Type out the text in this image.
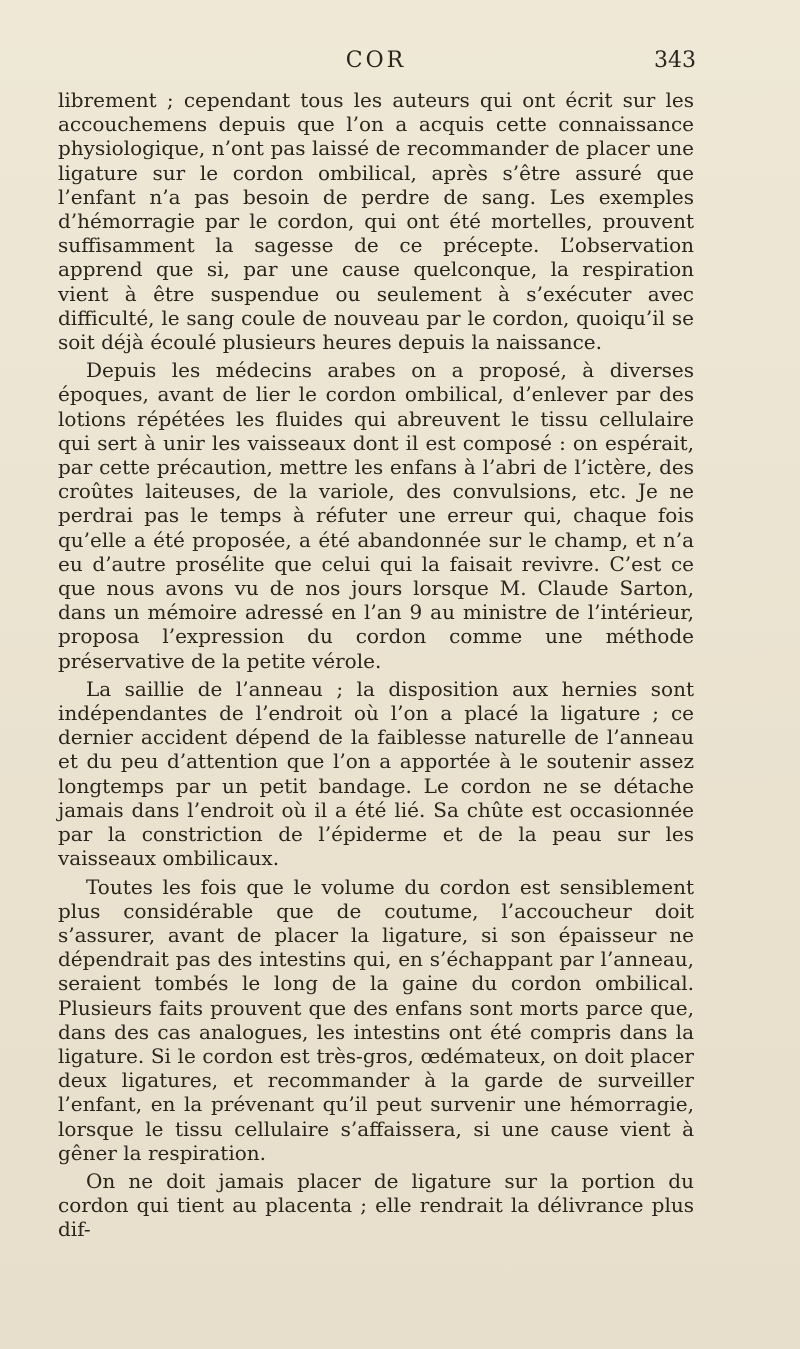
COR	343

librement ; cependant tous les auteurs qui ont écrit sur les accouchemens depuis que l’on a acquis cette connaissance physiologique, n’ont pas laissé de recommander de placer une ligature sur le cordon ombilical, après s’être assuré que l’enfant n’a pas besoin de perdre de sang. Les exemples d’hémorragie par le cordon, qui ont été mortelles, prouvent suffisamment la sagesse de ce précepte. L’observation apprend que si, par une cause quelconque, la respiration vient à être suspendue ou seulement à s’exécuter avec difficulté, le sang coule de nouveau par le cordon, quoiqu’il se soit déjà écoulé plusieurs heures depuis la naissance.

Depuis les médecins arabes on a proposé, à diverses époques, avant de lier le cordon ombilical, d’enlever par des lotions répétées les fluides qui abreuvent le tissu cellulaire qui sert à unir les vaisseaux dont il est composé : on espérait, par cette précaution, mettre les enfans à l’abri de l’ictère, des croûtes laiteuses, de la variole, des convulsions, etc. Je ne perdrai pas le temps à réfuter une erreur qui, chaque fois qu’elle a été proposée, a été abandonnée sur le champ, et n’a eu d’autre prosélite que celui qui la faisait revivre. C’est ce que nous avons vu de nos jours lorsque M. Claude Sarton, dans un mémoire adressé en l’an 9 au ministre de l’intérieur, proposa l’expression du cordon comme une méthode préservative de la petite vérole.

La saillie de l’anneau ; la disposition aux hernies sont indépendantes de l’endroit où l’on a placé la ligature ; ce dernier accident dépend de la faiblesse naturelle de l’anneau et du peu d’attention que l’on a apportée à le soutenir assez longtemps par un petit bandage. Le cordon ne se détache jamais dans l’endroit où il a été lié. Sa chûte est occasionnée par la constriction de l’épiderme et de la peau sur les vaisseaux ombilicaux.

Toutes les fois que le volume du cordon est sensiblement plus considérable que de coutume, l’accoucheur doit s’assurer, avant de placer la ligature, si son épaisseur ne dépendrait pas des intestins qui, en s’échappant par l’anneau, seraient tombés le long de la gaine du cordon ombilical. Plusieurs faits prouvent que des enfans sont morts parce que, dans des cas analogues, les intestins ont été compris dans la ligature. Si le cordon est très-gros, œdémateux, on doit placer deux ligatures, et recommander à la garde de surveiller l’enfant, en la prévenant qu’il peut survenir une hémorragie, lorsque le tissu cellulaire s’affaissera, si une cause vient à gêner la respiration.

On ne doit jamais placer de ligature sur la portion du cordon qui tient au placenta ; elle rendrait la délivrance plus dif-
